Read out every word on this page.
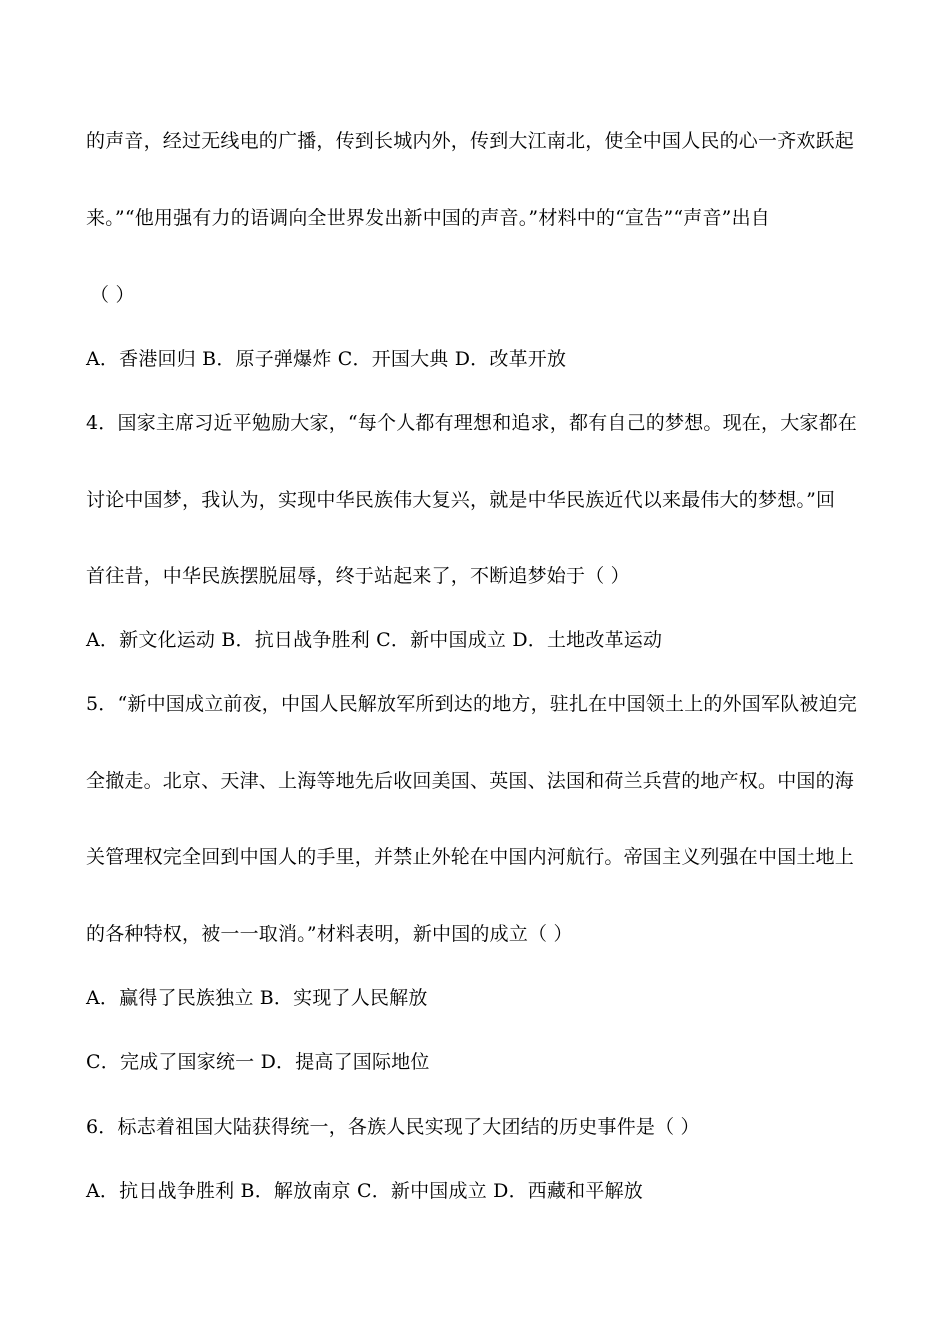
的声音，经过无线电的广播，传到长城内外，传到大江南北，使全中国人民的心一齐欢跃起
来。”“他用强有力的语调向全世界发出新中国的声音。”材料中的“宣告”“声音”出自
（ ）
A．香港回归 B．原子弹爆炸 C．开国大典 D．改革开放
4．国家主席习近平勉励大家，“每个人都有理想和追求，都有自己的梦想。现在，大家都在
讨论中国梦，我认为，实现中华民族伟大复兴，就是中华民族近代以来最伟大的梦想。”回
首往昔，中华民族摆脱屈辱，终于站起来了，不断追梦始于（ ）
A．新文化运动 B．抗日战争胜利 C．新中国成立 D．土地改革运动
5．“新中国成立前夜，中国人民解放军所到达的地方，驻扎在中国领土上的外国军队被迫完
全撤走。北京、天津、上海等地先后收回美国、英国、法国和荷兰兵营的地产权。中国的海
关管理权完全回到中国人的手里，并禁止外轮在中国内河航行。帝国主义列强在中国土地上
的各种特权，被一一取消。”材料表明，新中国的成立（ ）
A．赢得了民族独立 B．实现了人民解放
C．完成了国家统一 D．提高了国际地位
6．标志着祖国大陆获得统一，各族人民实现了大团结的历史事件是（ ）
A．抗日战争胜利 B．解放南京 C．新中国成立 D．西藏和平解放
